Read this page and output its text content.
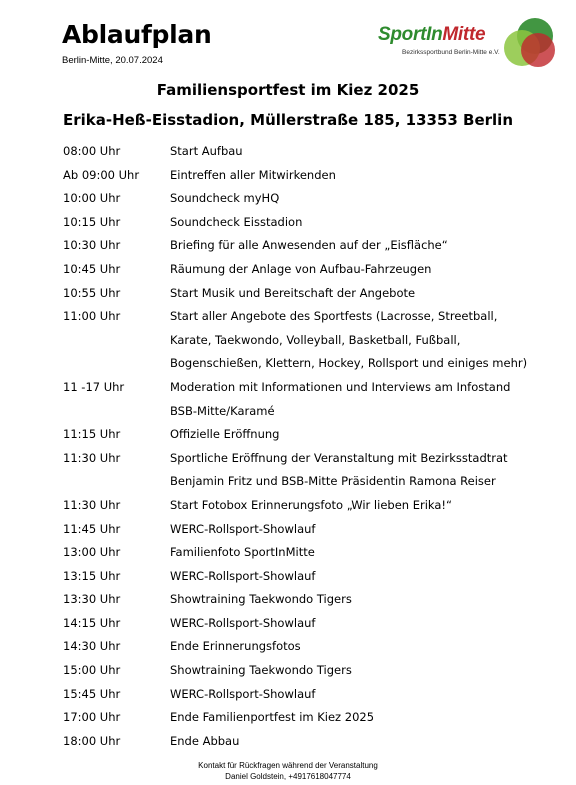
Ablaufplan
Berlin-Mitte, 20.07.2024
SportInMitte
Bezirkssportbund Berlin-Mitte e.V.
Familiensportfest im Kiez 2025
Erika-Heß-Eisstadion, Müllerstraße 185, 13353 Berlin
08:00 Uhr	Start Aufbau
Ab 09:00 Uhr	Eintreffen aller Mitwirkenden
10:00 Uhr	Soundcheck myHQ
10:15 Uhr	Soundcheck Eisstadion
10:30 Uhr	Briefing für alle Anwesenden auf der „Eisfläche“
10:45 Uhr	Räumung der Anlage von Aufbau-Fahrzeugen
10:55 Uhr	Start Musik und Bereitschaft der Angebote
11:00 Uhr	Start aller Angebote des Sportfests (Lacrosse, Streetball,
Karate, Taekwondo, Volleyball, Basketball, Fußball,
Bogenschießen, Klettern, Hockey, Rollsport und einiges mehr)
11 -17 Uhr	Moderation mit Informationen und Interviews am Infostand
BSB-Mitte/Karamé
11:15 Uhr	Offizielle Eröffnung
11:30 Uhr	Sportliche Eröffnung der Veranstaltung mit Bezirksstadtrat
Benjamin Fritz und BSB-Mitte Präsidentin Ramona Reiser
11:30 Uhr	Start Fotobox Erinnerungsfoto „Wir lieben Erika!“
11:45 Uhr	WERC-Rollsport-Showlauf
13:00 Uhr	Familienfoto SportInMitte
13:15 Uhr	WERC-Rollsport-Showlauf
13:30 Uhr	Showtraining Taekwondo Tigers
14:15 Uhr	WERC-Rollsport-Showlauf
14:30 Uhr	Ende Erinnerungsfotos
15:00 Uhr	Showtraining Taekwondo Tigers
15:45 Uhr	WERC-Rollsport-Showlauf
17:00 Uhr	Ende Familienportfest im Kiez 2025
18:00 Uhr	Ende Abbau
Kontakt für Rückfragen während der Veranstaltung
Daniel Goldstein, +4917618047774
